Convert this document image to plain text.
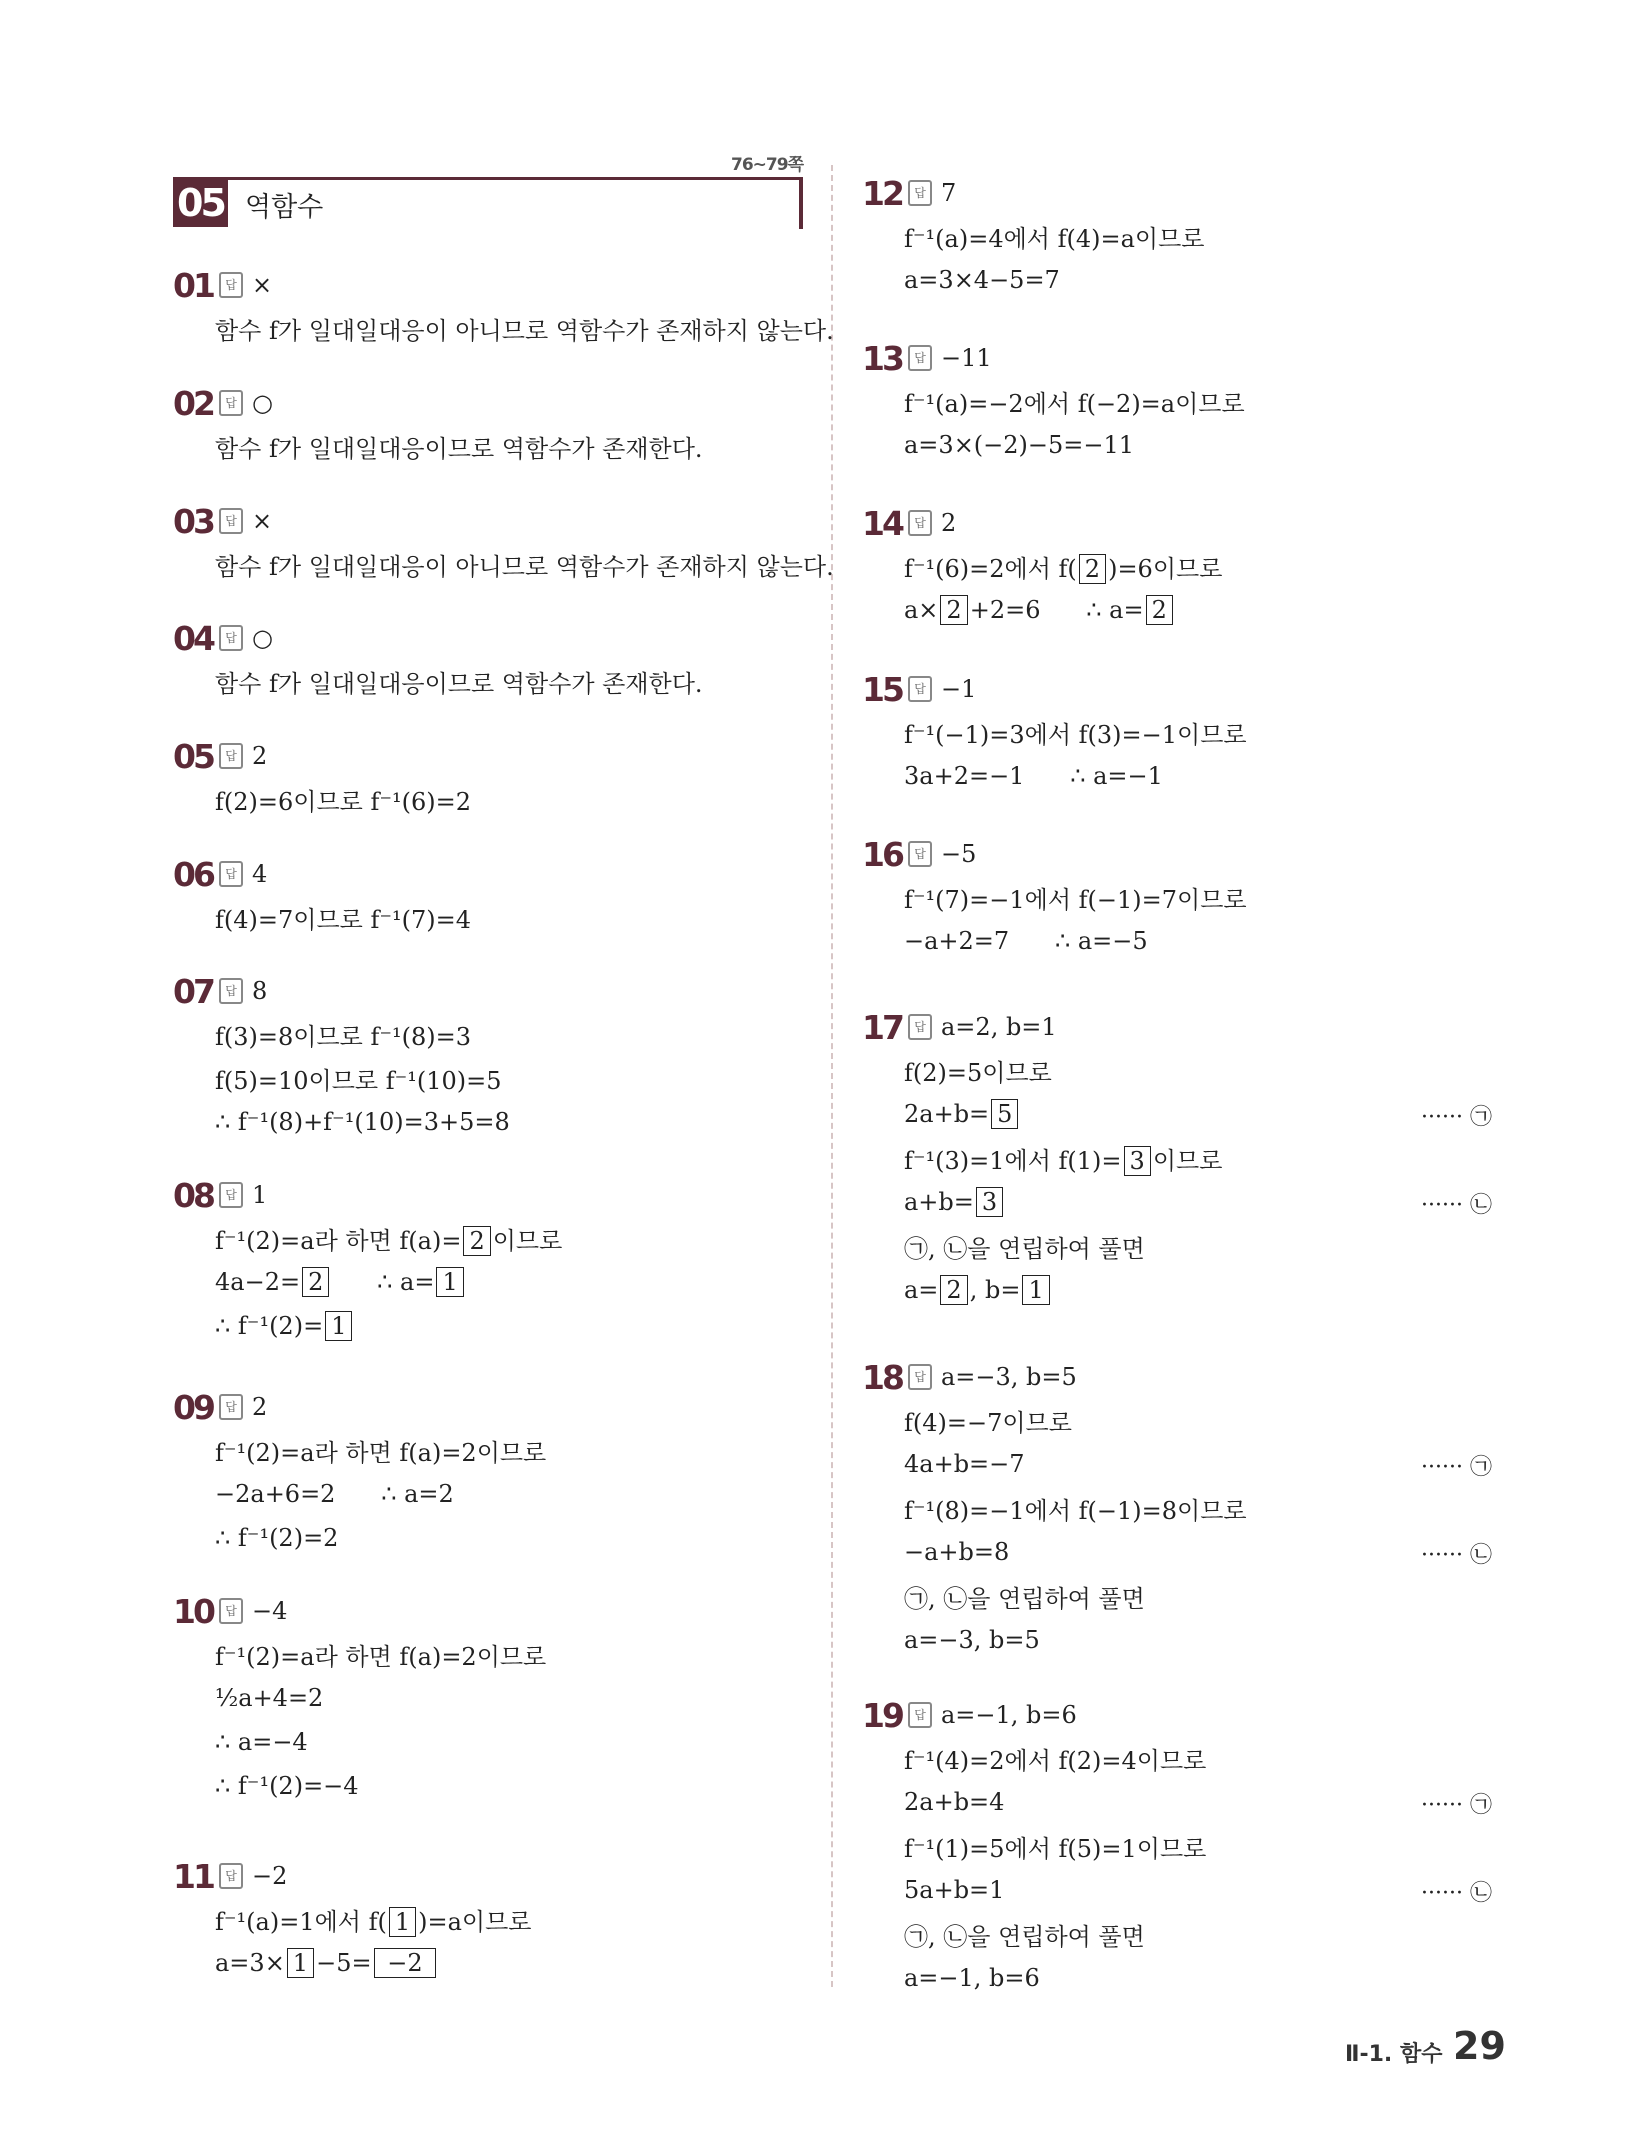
76~79쪽
05 역함수
01	답 ×
함수 f가 일대일대응이 아니므로 역함수가 존재하지 않는다.
02	답 ○
함수 f가 일대일대응이므로 역함수가 존재한다.
03	답 ×
함수 f가 일대일대응이 아니므로 역함수가 존재하지 않는다.
04	답 ○
함수 f가 일대일대응이므로 역함수가 존재한다.
05	답 2
f(2)=6이므로 f⁻¹(6)=2
06	답 4
f(4)=7이므로 f⁻¹(7)=4
07	답 8
f(3)=8이므로 f⁻¹(8)=3
f(5)=10이므로 f⁻¹(10)=5
∴ f⁻¹(8)+f⁻¹(10)=3+5=8
08	답 1
f⁻¹(2)=a라 하면 f(a)= 2 이므로
4a−2= 2      ∴ a= 1
∴ f⁻¹(2)= 1
09	답 2
f⁻¹(2)=a라 하면 f(a)=2이므로
−2a+6=2      ∴ a=2
∴ f⁻¹(2)=2
10	답 −4
f⁻¹(2)=a라 하면 f(a)=2이므로
½a+4=2
∴ a=−4
∴ f⁻¹(2)=−4
11	답 −2
f⁻¹(a)=1에서 f( 1 )=a이므로
a=3× 1 −5= −2
12	답 7
f⁻¹(a)=4에서 f(4)=a이므로
a=3×4−5=7
13	답 −11
f⁻¹(a)=−2에서 f(−2)=a이므로
a=3×(−2)−5=−11
14	답 2
f⁻¹(6)=2에서 f( 2 )=6이므로
a× 2 +2=6      ∴ a= 2
15	답 −1
f⁻¹(−1)=3에서 f(3)=−1이므로
3a+2=−1      ∴ a=−1
16	답 −5
f⁻¹(7)=−1에서 f(−1)=7이므로
−a+2=7      ∴ a=−5
17	답 a=2, b=1
f(2)=5이므로
2a+b= 5	······ ㉠
f⁻¹(3)=1에서 f(1)= 3 이므로
a+b= 3	······ ㉡
㉠, ㉡을 연립하여 풀면
a= 2 , b= 1
18	답 a=−3, b=5
f(4)=−7이므로
4a+b=−7	······ ㉠
f⁻¹(8)=−1에서 f(−1)=8이므로
−a+b=8	······ ㉡
㉠, ㉡을 연립하여 풀면
a=−3, b=5
19	답 a=−1, b=6
f⁻¹(4)=2에서 f(2)=4이므로
2a+b=4	······ ㉠
f⁻¹(1)=5에서 f(5)=1이므로
5a+b=1	······ ㉡
㉠, ㉡을 연립하여 풀면
a=−1, b=6
Ⅱ-1. 함수 29
